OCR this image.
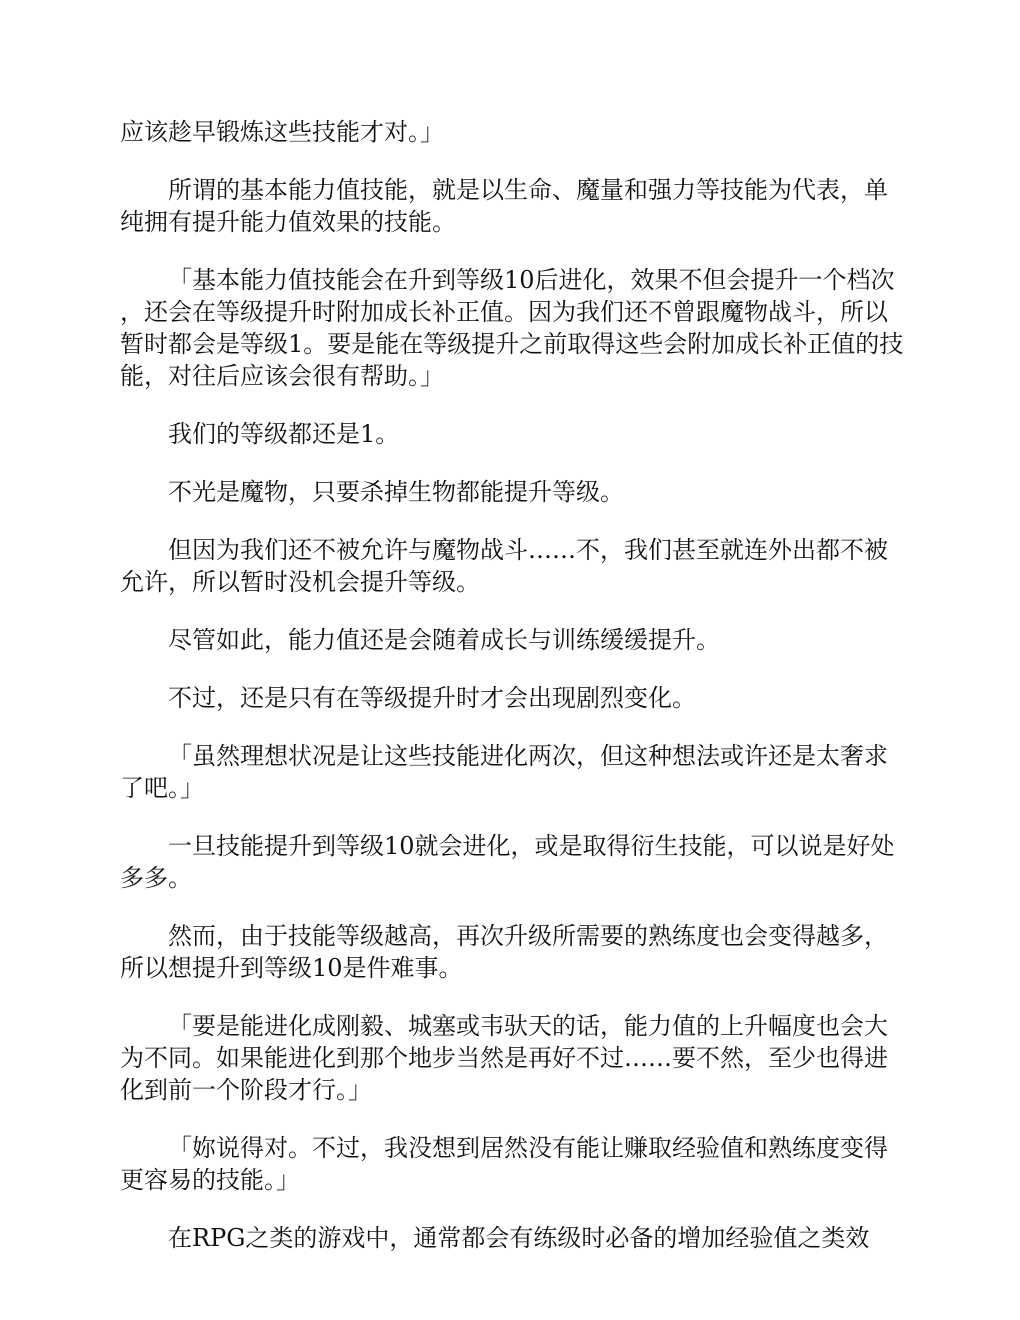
应该趁早锻炼这些技能才对。」

所谓的基本能力值技能，就是以生命、魔量和强力等技能为代表，单纯拥有提升能力值效果的技能。

「基本能力值技能会在升到等级10后进化，效果不但会提升一个档次，还会在等级提升时附加成长补正值。因为我们还不曾跟魔物战斗，所以暂时都会是等级1。要是能在等级提升之前取得这些会附加成长补正值的技能，对往后应该会很有帮助。」

我们的等级都还是1。

不光是魔物，只要杀掉生物都能提升等级。

但因为我们还不被允许与魔物战斗……不，我们甚至就连外出都不被允许，所以暂时没机会提升等级。

尽管如此，能力值还是会随着成长与训练缓缓提升。

不过，还是只有在等级提升时才会出现剧烈变化。

「虽然理想状况是让这些技能进化两次，但这种想法或许还是太奢求了吧。」

一旦技能提升到等级10就会进化，或是取得衍生技能，可以说是好处多多。

然而，由于技能等级越高，再次升级所需要的熟练度也会变得越多，所以想提升到等级10是件难事。

「要是能进化成刚毅、城塞或韦驮天的话，能力值的上升幅度也会大为不同。如果能进化到那个地步当然是再好不过……要不然，至少也得进化到前一个阶段才行。」

「妳说得对。不过，我没想到居然没有能让赚取经验值和熟练度变得更容易的技能。」

在RPG之类的游戏中，通常都会有练级时必备的增加经验值之类效
